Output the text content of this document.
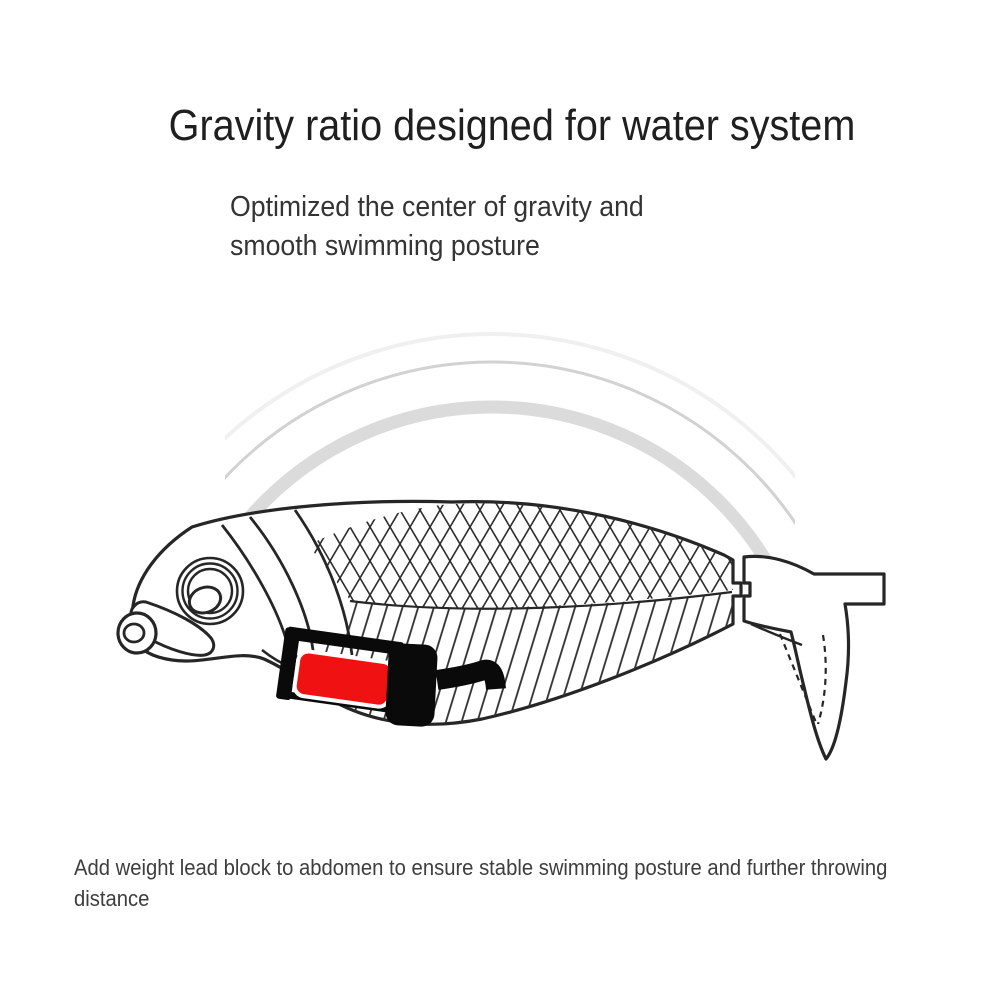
Gravity ratio designed for water system
Optimized the center of gravity and
smooth swimming posture
Add weight lead block to abdomen to ensure stable swimming posture and further throwing
distance
